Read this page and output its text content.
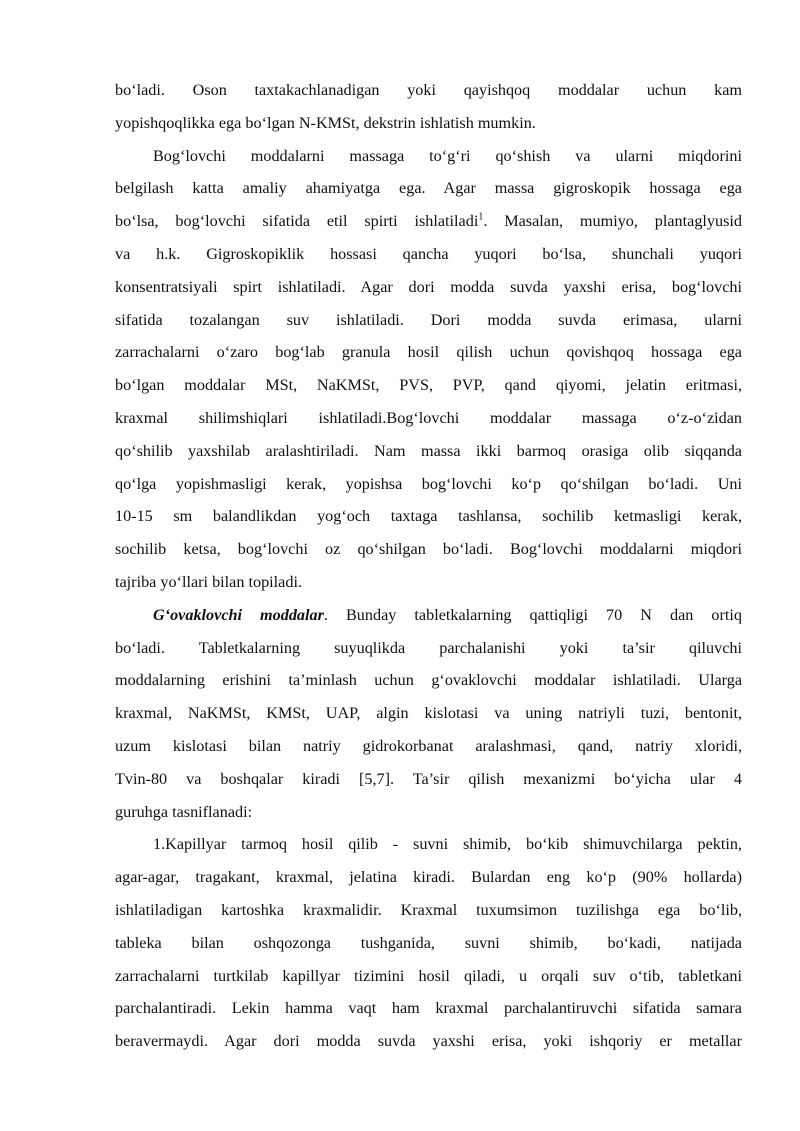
bo‘ladi. Oson taxtakachlanadigan yoki qayishqoq moddalar uchun kam
yopishqoqlikka ega bo‘lgan N-KMSt, dekstrin ishlatish mumkin.
Bog‘lovchi moddalarni massaga to‘g‘ri qo‘shish va ularni miqdorini
belgilash katta amaliy ahamiyatga ega. Agar massa gigroskopik hossaga ega
bo‘lsa, bog‘lovchi sifatida etil spirti ishlatiladi$^1$. Masalan, mumiyo, plantaglyusid
va h.k. Gigroskopiklik hossasi qancha yuqori bo‘lsa, shunchali yuqori
konsentratsiyali spirt ishlatiladi. Agar dori modda suvda yaxshi erisa, bog‘lovchi
sifatida tozalangan suv ishlatiladi. Dori modda suvda erimasa, ularni
zarrachalarni o‘zaro bog‘lab granula hosil qilish uchun qovishqoq hossaga ega
bo‘lgan moddalar MSt, NaKMSt, PVS, PVP, qand qiyomi, jelatin eritmasi,
kraxmal shilimshiqlari ishlatiladi.Bog‘lovchi moddalar massaga o‘z-o‘zidan
qo‘shilib yaxshilab aralashtiriladi. Nam massa ikki barmoq orasiga olib siqqanda
qo‘lga yopishmasligi kerak, yopishsa bog‘lovchi ko‘p qo‘shilgan bo‘ladi. Uni
10-15 sm balandlikdan yog‘och taxtaga tashlansa, sochilib ketmasligi kerak,
sochilib ketsa, bog‘lovchi oz qo‘shilgan bo‘ladi. Bog‘lovchi moddalarni miqdori
tajriba yo‘llari bilan topiladi.
G‘ovaklovchi moddalar. Bunday tabletkalarning qattiqligi 70 N dan ortiq
bo‘ladi. Tabletkalarning suyuqlikda parchalanishi yoki ta’sir qiluvchi
moddalarning erishini ta’minlash uchun g‘ovaklovchi moddalar ishlatiladi. Ularga
kraxmal, NaKMSt, KMSt, UAP, algin kislotasi va uning natriyli tuzi, bentonit,
uzum kislotasi bilan natriy gidrokorbanat aralashmasi, qand, natriy xloridi,
Tvin-80 va boshqalar kiradi [5,7]. Ta’sir qilish mexanizmi bo‘yicha ular 4
guruhga tasniflanadi:
1.Kapillyar tarmoq hosil qilib - suvni shimib, bo‘kib shimuvchilarga pektin,
agar-agar, tragakant, kraxmal, jelatina kiradi. Bulardan eng ko‘p (90% hollarda)
ishlatiladigan kartoshka kraxmalidir. Kraxmal tuxumsimon tuzilishga ega bo‘lib,
tableka bilan oshqozonga tushganida, suvni shimib, bo‘kadi, natijada
zarrachalarni turtkilab kapillyar tizimini hosil qiladi, u orqali suv o‘tib, tabletkani
parchalantiradi. Lekin hamma vaqt ham kraxmal parchalantiruvchi sifatida samara
beravermaydi. Agar dori modda suvda yaxshi erisa, yoki ishqoriy er metallar
